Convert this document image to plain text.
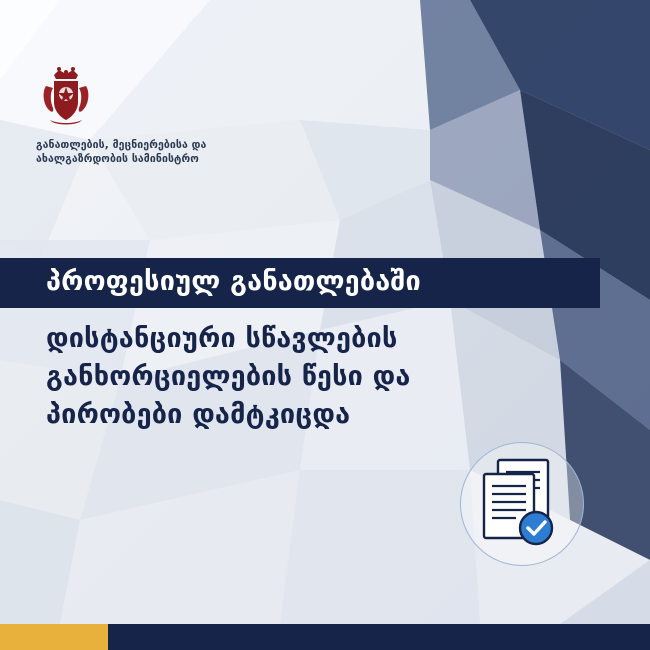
განათლების, მეცნიერებისა და
ახალგაზრდობის სამინისტრო
პროფესიულ განათლებაში
დისტანციური სწავლების
განხორციელების წესი და
პირობები დამტკიცდა
